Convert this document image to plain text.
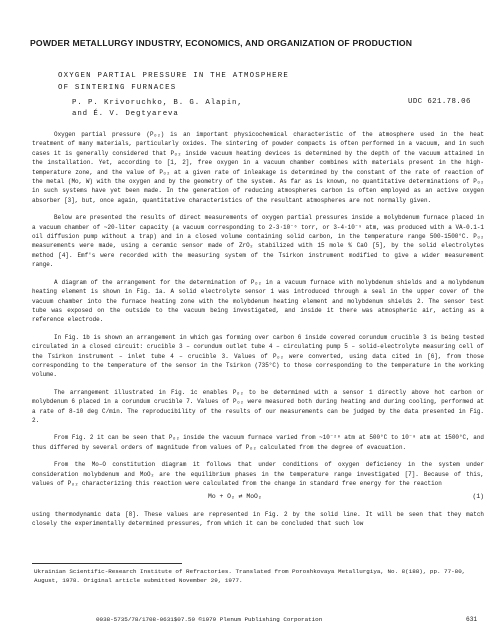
POWDER METALLURGY INDUSTRY, ECONOMICS, AND ORGANIZATION OF PRODUCTION
OXYGEN PARTIAL PRESSURE IN THE ATMOSPHERE
OF SINTERING FURNACES
P. P. Krivoruchko, B. G. Alapin,
and É. V. Degtyareva
UDC 621.78.06

Oxygen partial pressure (Pₒ₂) is an important physicochemical characteristic of the atmosphere used in the heat treatment of many materials, particularly oxides. The sintering of powder compacts is often performed in a vacuum, and in such cases it is generally considered that Pₒ₂ inside vacuum heating devices is determined by the depth of the vacuum attained in the installation. Yet, according to [1, 2], free oxygen in a vacuum chamber combines with materials present in the high-temperature zone, and the value of Pₒ₂ at a given rate of inleakage is determined by the constant of the rate of reaction of the metal (Mo, W) with the oxygen and by the geometry of the system. As far as is known, no quantitative determinations of Pₒ₂ in such systems have yet been made. In the generation of reducing atmospheres carbon is often employed as an active oxygen absorber [3], but, once again, quantitative characteristics of the resultant atmospheres are not normally given.

Below are presented the results of direct measurements of oxygen partial pressures inside a molybdenum furnace placed in a vacuum chamber of ~20-liter capacity (a vacuum corresponding to 2-3·10⁻⁶ torr, or 3-4·10⁻⁹ atm, was produced with a VA-0.1-1 oil diffusion pump without a trap) and in a closed volume containing solid carbon, in the temperature range 500-1500°C. Pₒ₂ measurements were made, using a ceramic sensor made of ZrO₂ stabilized with 15 mole % CaO [5], by the solid electrolytes method [4]. Emf's were recorded with the measuring system of the Tsirkon instrument modified to give a wider measurement range.

A diagram of the arrangement for the determination of Pₒ₂ in a vacuum furnace with molybdenum shields and a molybdenum heating element is shown in Fig. 1a. A solid electrolyte sensor 1 was introduced through a seal in the upper cover of the vacuum chamber into the furnace heating zone with the molybdenum heating element and molybdenum shields 2. The sensor test tube was exposed on the outside to the vacuum being investigated, and inside it there was atmospheric air, acting as a reference electrode.

In Fig. 1b is shown an arrangement in which gas forming over carbon 6 inside covered corundum crucible 3 is being tested circulated in a closed circuit: crucible 3 – corundum outlet tube 4 – circulating pump 5 – solid-electrolyte measuring cell of the Tsirkon instrument – inlet tube 4 – crucible 3. Values of Pₒ₂ were converted, using data cited in [6], from those corresponding to the temperature of the sensor in the Tsirkon (735°C) to those corresponding to the temperature in the working volume.

The arrangement illustrated in Fig. 1c enables Pₒ₂ to be determined with a sensor 1 directly above hot carbon or molybdenum 6 placed in a corundum crucible 7. Values of Pₒ₂ were measured both during heating and during cooling, performed at a rate of 8-10 deg C/min. The reproducibility of the results of our measurements can be judged by the data presented in Fig. 2.

From Fig. 2 it can be seen that Pₒ₂ inside the vacuum furnace varied from ~10⁻²⁸ atm at 500°C to 10⁻⁸ atm at 1500°C, and thus differed by several orders of magnitude from values of Pₒ₂ calculated from the degree of evacuation.

From the Mo–O constitution diagram it follows that under conditions of oxygen deficiency in the system under consideration molybdenum and MoO₂ are the equilibrium phases in the temperature range investigated [7]. Because of this, values of Pₒ₂ characterizing this reaction were calculated from the change in standard free energy for the reaction

Mo + O₂ ⇄ MoO₂	(1)

using thermodynamic data [8]. These values are represented in Fig. 2 by the solid line. It will be seen that they match closely the experimentally determined pressures, from which it can be concluded that such low

Ukrainian Scientific-Research Institute of Refractories. Translated from Poroshkovaya Metallurgiya, No. 8(188), pp. 77-80, August, 1978. Original article submitted November 29, 1977.
0038-5735/78/1708-0631$07.50 ©1979 Plenum Publishing Corporation	631
